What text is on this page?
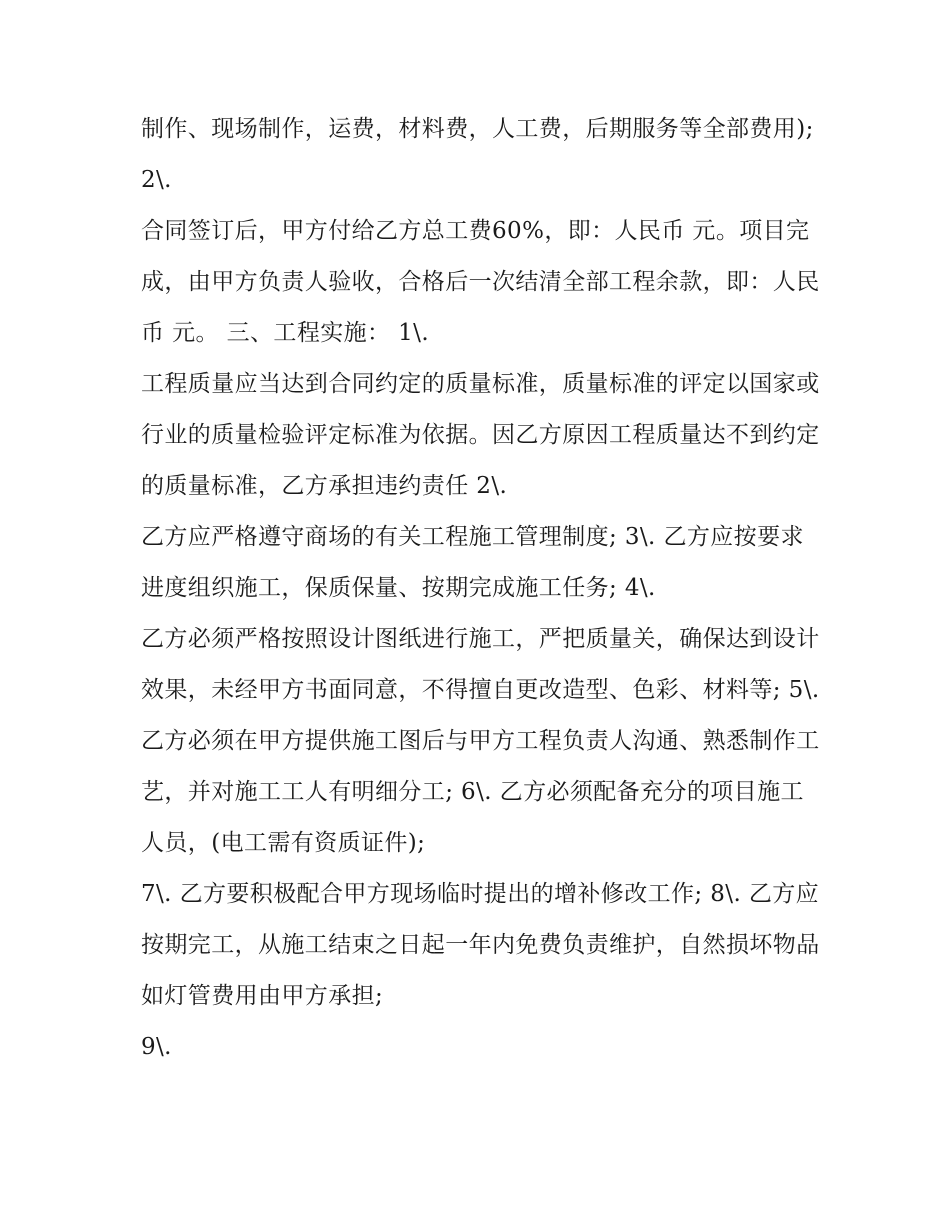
制作、现场制作，运费，材料费，人工费，后期服务等全部费用); 2\.

合同签订后，甲方付给乙方总工费60%，即：人民币 元。项目完成，由甲方负责人验收，合格后一次结清全部工程余款，即：人民币 元。 三、工程实施： 1\.

工程质量应当达到合同约定的质量标准，质量标准的评定以国家或行业的质量检验评定标准为依据。因乙方原因工程质量达不到约定的质量标准，乙方承担违约责任 2\.

乙方应严格遵守商场的有关工程施工管理制度; 3\. 乙方应按要求进度组织施工，保质保量、按期完成施工任务; 4\.

乙方必须严格按照设计图纸进行施工，严把质量关，确保达到设计效果，未经甲方书面同意，不得擅自更改造型、色彩、材料等; 5\.

乙方必须在甲方提供施工图后与甲方工程负责人沟通、熟悉制作工艺，并对施工工人有明细分工; 6\. 乙方必须配备充分的项目施工人员，(电工需有资质证件);

7\. 乙方要积极配合甲方现场临时提出的增补修改工作; 8\. 乙方应按期完工，从施工结束之日起一年内免费负责维护，自然损坏物品如灯管费用由甲方承担;

9\.
